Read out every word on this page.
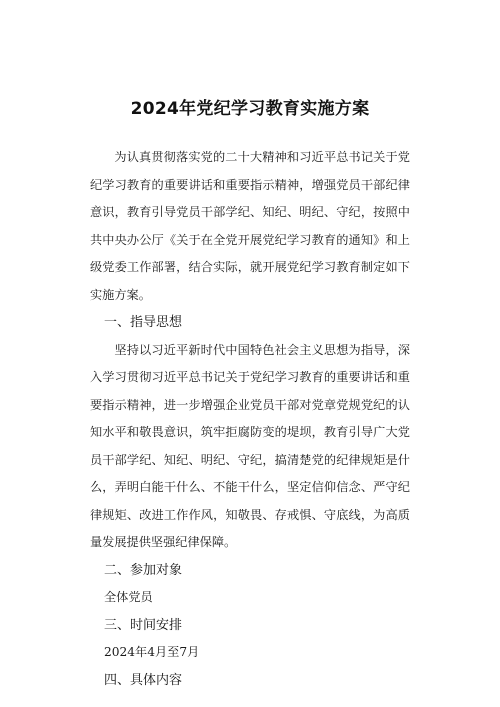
2024年党纪学习教育实施方案

为认真贯彻落实党的二十大精神和习近平总书记关于党纪学习教育的重要讲话和重要指示精神，增强党员干部纪律意识，教育引导党员干部学纪、知纪、明纪、守纪，按照中共中央办公厅《关于在全党开展党纪学习教育的通知》和上级党委工作部署，结合实际，就开展党纪学习教育制定如下实施方案。

一、指导思想

坚持以习近平新时代中国特色社会主义思想为指导，深入学习贯彻习近平总书记关于党纪学习教育的重要讲话和重要指示精神，进一步增强企业党员干部对党章党规党纪的认知水平和敬畏意识，筑牢拒腐防变的堤坝，教育引导广大党员干部学纪、知纪、明纪、守纪，搞清楚党的纪律规矩是什么，弄明白能干什么、不能干什么，坚定信仰信念、严守纪律规矩、改进工作作风，知敬畏、存戒惧、守底线，为高质量发展提供坚强纪律保障。

二、参加对象

全体党员

三、时间安排

2024年4月至7月

四、具体内容
